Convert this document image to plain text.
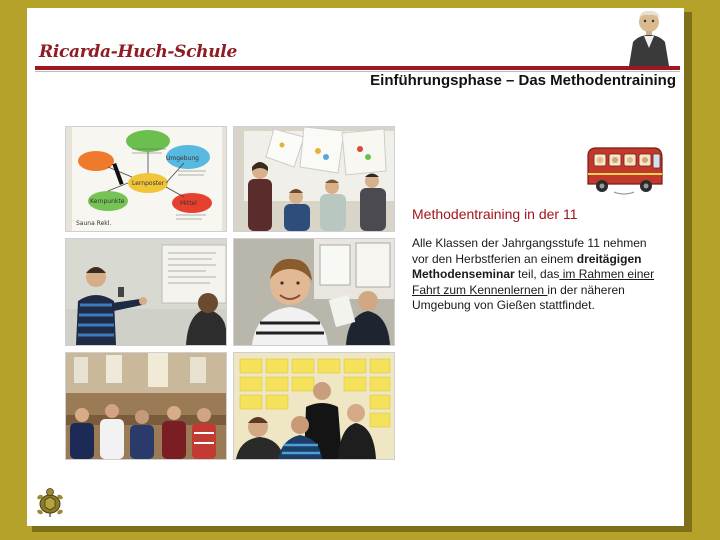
Ricarda-Huch-Schule
Einführungsphase – Das Methodentraining
Umgebung
Lernposter
Kernpunkte	Mittel
Sauna Rekl.
Methodentraining in der 11
Alle Klassen der Jahrgangsstufe 11 nehmen vor den Herbstferien an einem dreitägigen Methodenseminar teil, das im Rahmen einer Fahrt zum Kennenlernen in der näheren Umgebung von Gießen stattfindet.
